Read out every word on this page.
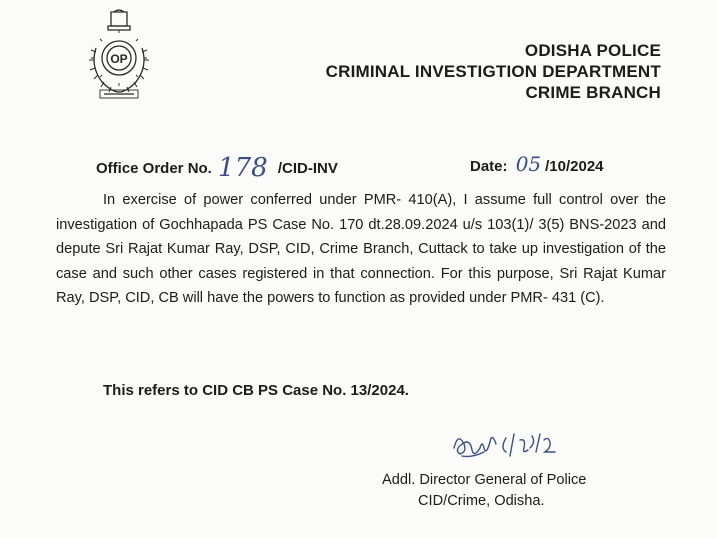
OP	ODISHA POLICE
CRIMINAL INVESTIGTION DEPARTMENT
CRIME BRANCH
Office Order No. 178 /CID-INV	Date: 05 /10/2024

In exercise of power conferred under PMR- 410(A), I assume full control over the investigation of Gochhapada PS Case No. 170 dt.28.09.2024 u/s 103(1)/ 3(5) BNS-2023 and depute Sri Rajat Kumar Ray, DSP, CID, Crime Branch, Cuttack to take up investigation of the case and such other cases registered in that connection. For this purpose, Sri Rajat Kumar Ray, DSP, CID, CB will have the powers to function as provided under PMR- 431 (C).

This refers to CID CB PS Case No. 13/2024.
Addl. Director General of Police
CID/Crime, Odisha.
